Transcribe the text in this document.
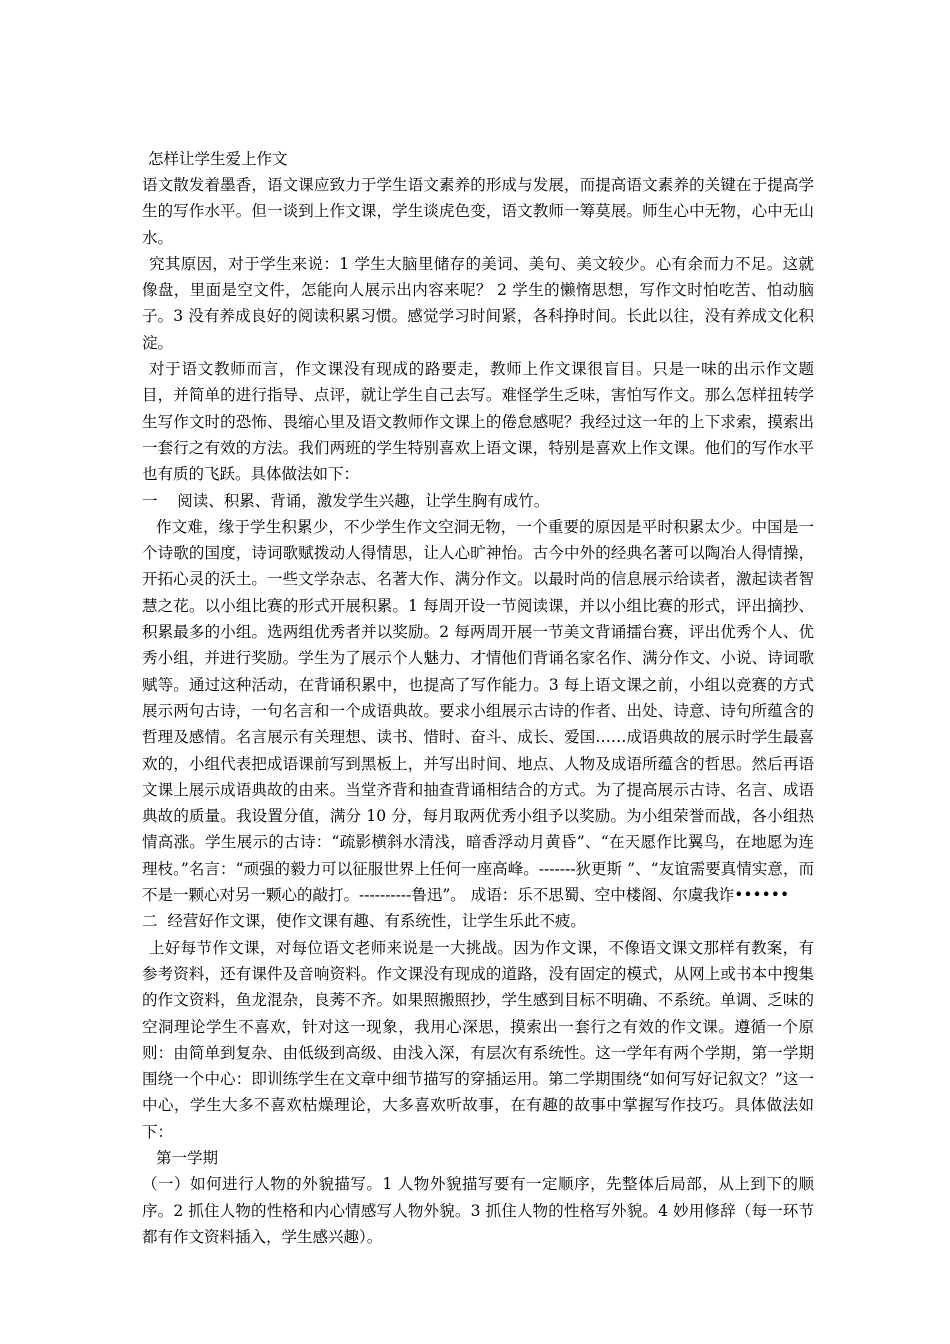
怎样让学生爱上作文

语文散发着墨香，语文课应致力于学生语文素养的形成与发展，而提高语文素养的关键在于提高学生的写作水平。但一谈到上作文课，学生谈虎色变，语文教师一筹莫展。师生心中无物，心中无山水。

究其原因，对于学生来说：1 学生大脑里储存的美词、美句、美文较少。心有余而力不足。这就像盘，里面是空文件，怎能向人展示出内容来呢？ 2 学生的懒惰思想，写作文时怕吃苦、怕动脑子。3 没有养成良好的阅读积累习惯。感觉学习时间紧，各科挣时间。长此以往，没有养成文化积淀。

对于语文教师而言，作文课没有现成的路要走，教师上作文课很盲目。只是一味的出示作文题目，并简单的进行指导、点评，就让学生自己去写。难怪学生乏味，害怕写作文。那么怎样扭转学生写作文时的恐怖、畏缩心里及语文教师作文课上的倦怠感呢？我经过这一年的上下求索，摸索出一套行之有效的方法。我们两班的学生特别喜欢上语文课，特别是喜欢上作文课。他们的写作水平也有质的飞跃。具体做法如下：

一    阅读、积累、背诵，激发学生兴趣，让学生胸有成竹。

作文难，缘于学生积累少，不少学生作文空洞无物，一个重要的原因是平时积累太少。中国是一个诗歌的国度，诗词歌赋拨动人得情思，让人心旷神怡。古今中外的经典名著可以陶冶人得情操，开拓心灵的沃土。一些文学杂志、名著大作、满分作文。以最时尚的信息展示给读者，激起读者智慧之花。以小组比赛的形式开展积累。1 每周开设一节阅读课，并以小组比赛的形式，评出摘抄、积累最多的小组。选两组优秀者并以奖励。2 每两周开展一节美文背诵擂台赛，评出优秀个人、优秀小组，并进行奖励。学生为了展示个人魅力、才情他们背诵名家名作、满分作文、小说、诗词歌赋等。通过这种活动，在背诵积累中，也提高了写作能力。3 每上语文课之前，小组以竞赛的方式展示两句古诗，一句名言和一个成语典故。要求小组展示古诗的作者、出处、诗意、诗句所蕴含的哲理及感情。名言展示有关理想、读书、惜时、奋斗、成长、爱国……成语典故的展示时学生最喜欢的，小组代表把成语课前写到黑板上，并写出时间、地点、人物及成语所蕴含的哲思。然后再语文课上展示成语典故的由来。当堂齐背和抽查背诵相结合的方式。为了提高展示古诗、名言、成语典故的质量。我设置分值，满分 10 分，每月取两优秀小组予以奖励。为小组荣誉而战，各小组热情高涨。学生展示的古诗：“疏影横斜水清浅，暗香浮动月黄昏”、“在天愿作比翼鸟，在地愿为连理枝。”名言：“顽强的毅力可以征服世界上任何一座高峰。-------狄更斯 ”、“友谊需要真情实意，而不是一颗心对另一颗心的敲打。----------鲁迅”。 成语：乐不思蜀、空中楼阁、尔虞我诈••••••

二  经营好作文课，使作文课有趣、有系统性，让学生乐此不疲。

上好每节作文课，对每位语文老师来说是一大挑战。因为作文课，不像语文课文那样有教案，有参考资料，还有课件及音响资料。作文课没有现成的道路，没有固定的模式，从网上或书本中搜集的作文资料，鱼龙混杂，良莠不齐。如果照搬照抄，学生感到目标不明确、不系统。单调、乏味的空洞理论学生不喜欢，针对这一现象，我用心深思，摸索出一套行之有效的作文课。遵循一个原则：由简单到复杂、由低级到高级、由浅入深，有层次有系统性。这一学年有两个学期，第一学期围绕一个中心：即训练学生在文章中细节描写的穿插运用。第二学期围绕“如何写好记叙文？”这一中心，学生大多不喜欢枯燥理论，大多喜欢听故事，在有趣的故事中掌握写作技巧。具体做法如下：

第一学期

（一）如何进行人物的外貌描写。1 人物外貌描写要有一定顺序，先整体后局部，从上到下的顺序。2 抓住人物的性格和内心情感写人物外貌。3 抓住人物的性格写外貌。4 妙用修辞（每一环节都有作文资料插入，学生感兴趣）。
